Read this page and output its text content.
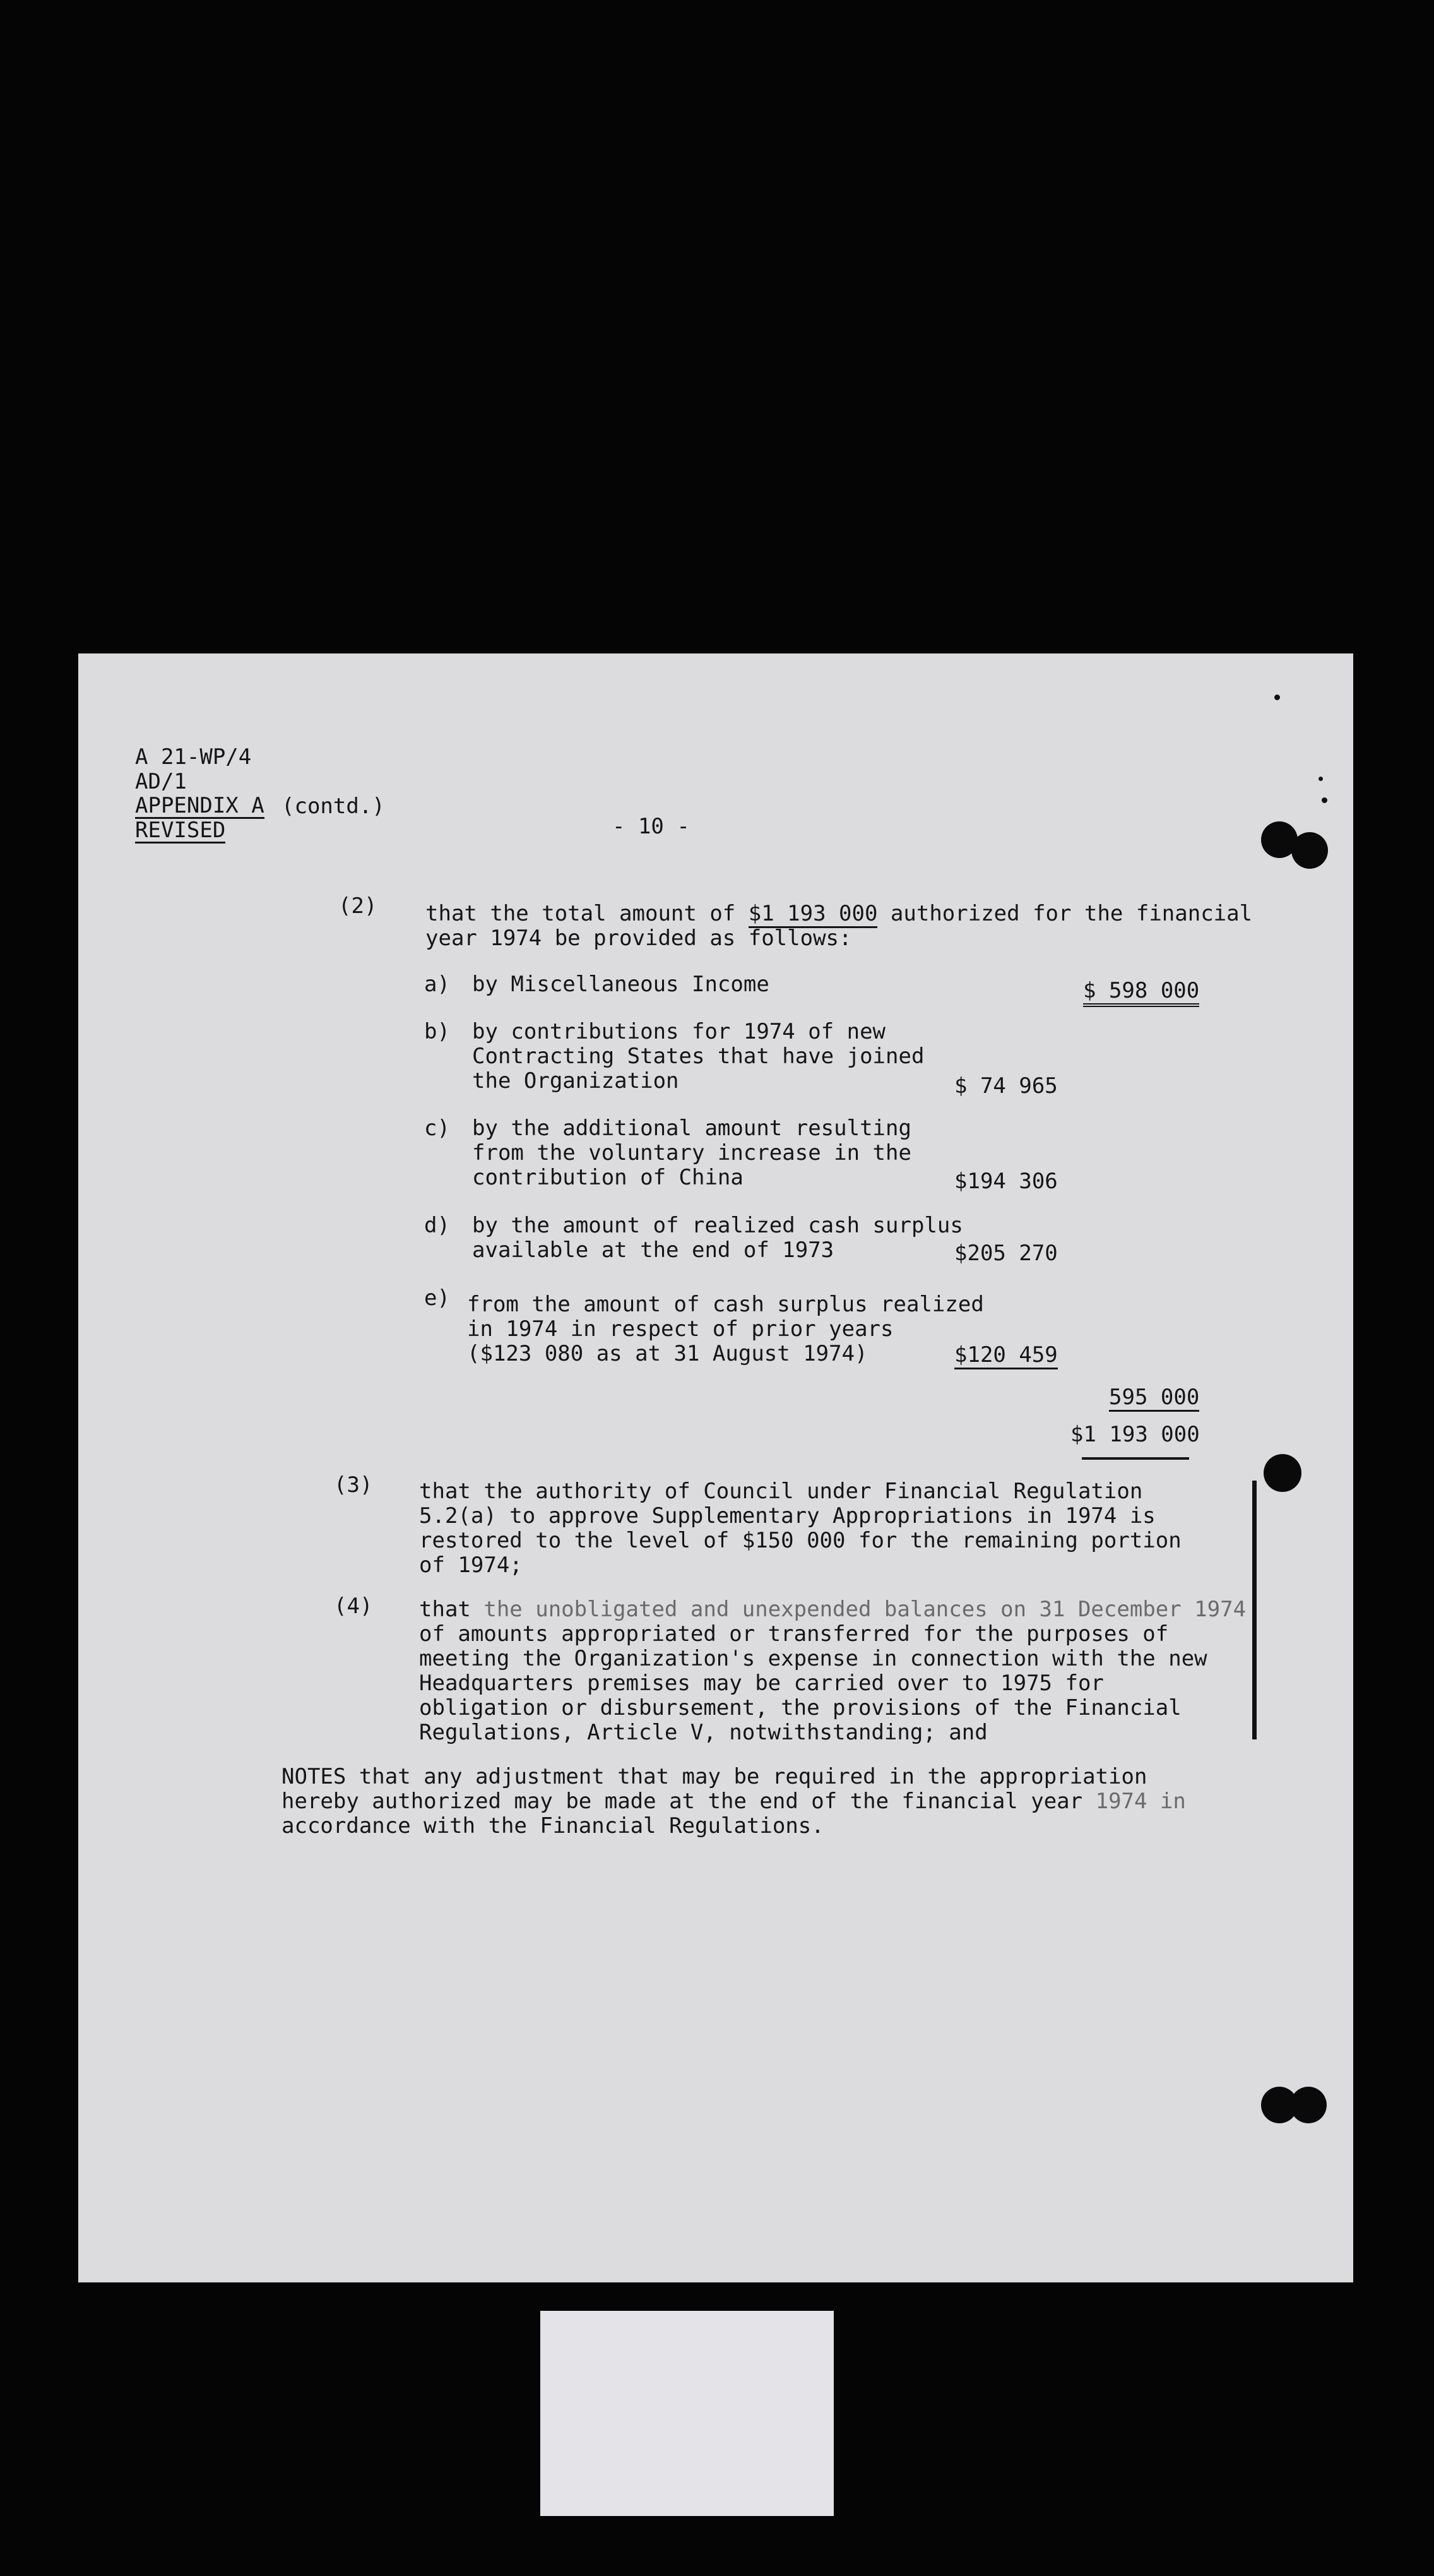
A 21-WP/4
AD/1
APPENDIX A (contd.)
REVISED	- 10 -
(2) that the total amount of $1 193 000 authorized for the financial
year 1974 be provided as follows:
a) by Miscellaneous Income	$ 598 000
b) by contributions for 1974 of new
Contracting States that have joined
the Organization	$ 74 965
c) by the additional amount resulting
from the voluntary increase in the
contribution of China	$194 306
d) by the amount of realized cash surplus
available at the end of 1973	$205 270
e) from the amount of cash surplus realized
in 1974 in respect of prior years
($123 080 as at 31 August 1974)	$120 459
595 000
$1 193 000
(3) that the authority of Council under Financial Regulation
5.2(a) to approve Supplementary Appropriations in 1974 is
restored to the level of $150 000 for the remaining portion
of 1974;
(4) that the unobligated and unexpended balances on 31 December 1974
of amounts appropriated or transferred for the purposes of
meeting the Organization's expense in connection with the new
Headquarters premises may be carried over to 1975 for
obligation or disbursement, the provisions of the Financial
Regulations, Article V, notwithstanding; and
NOTES that any adjustment that may be required in the appropriation
hereby authorized may be made at the end of the financial year 1974 in
accordance with the Financial Regulations.
